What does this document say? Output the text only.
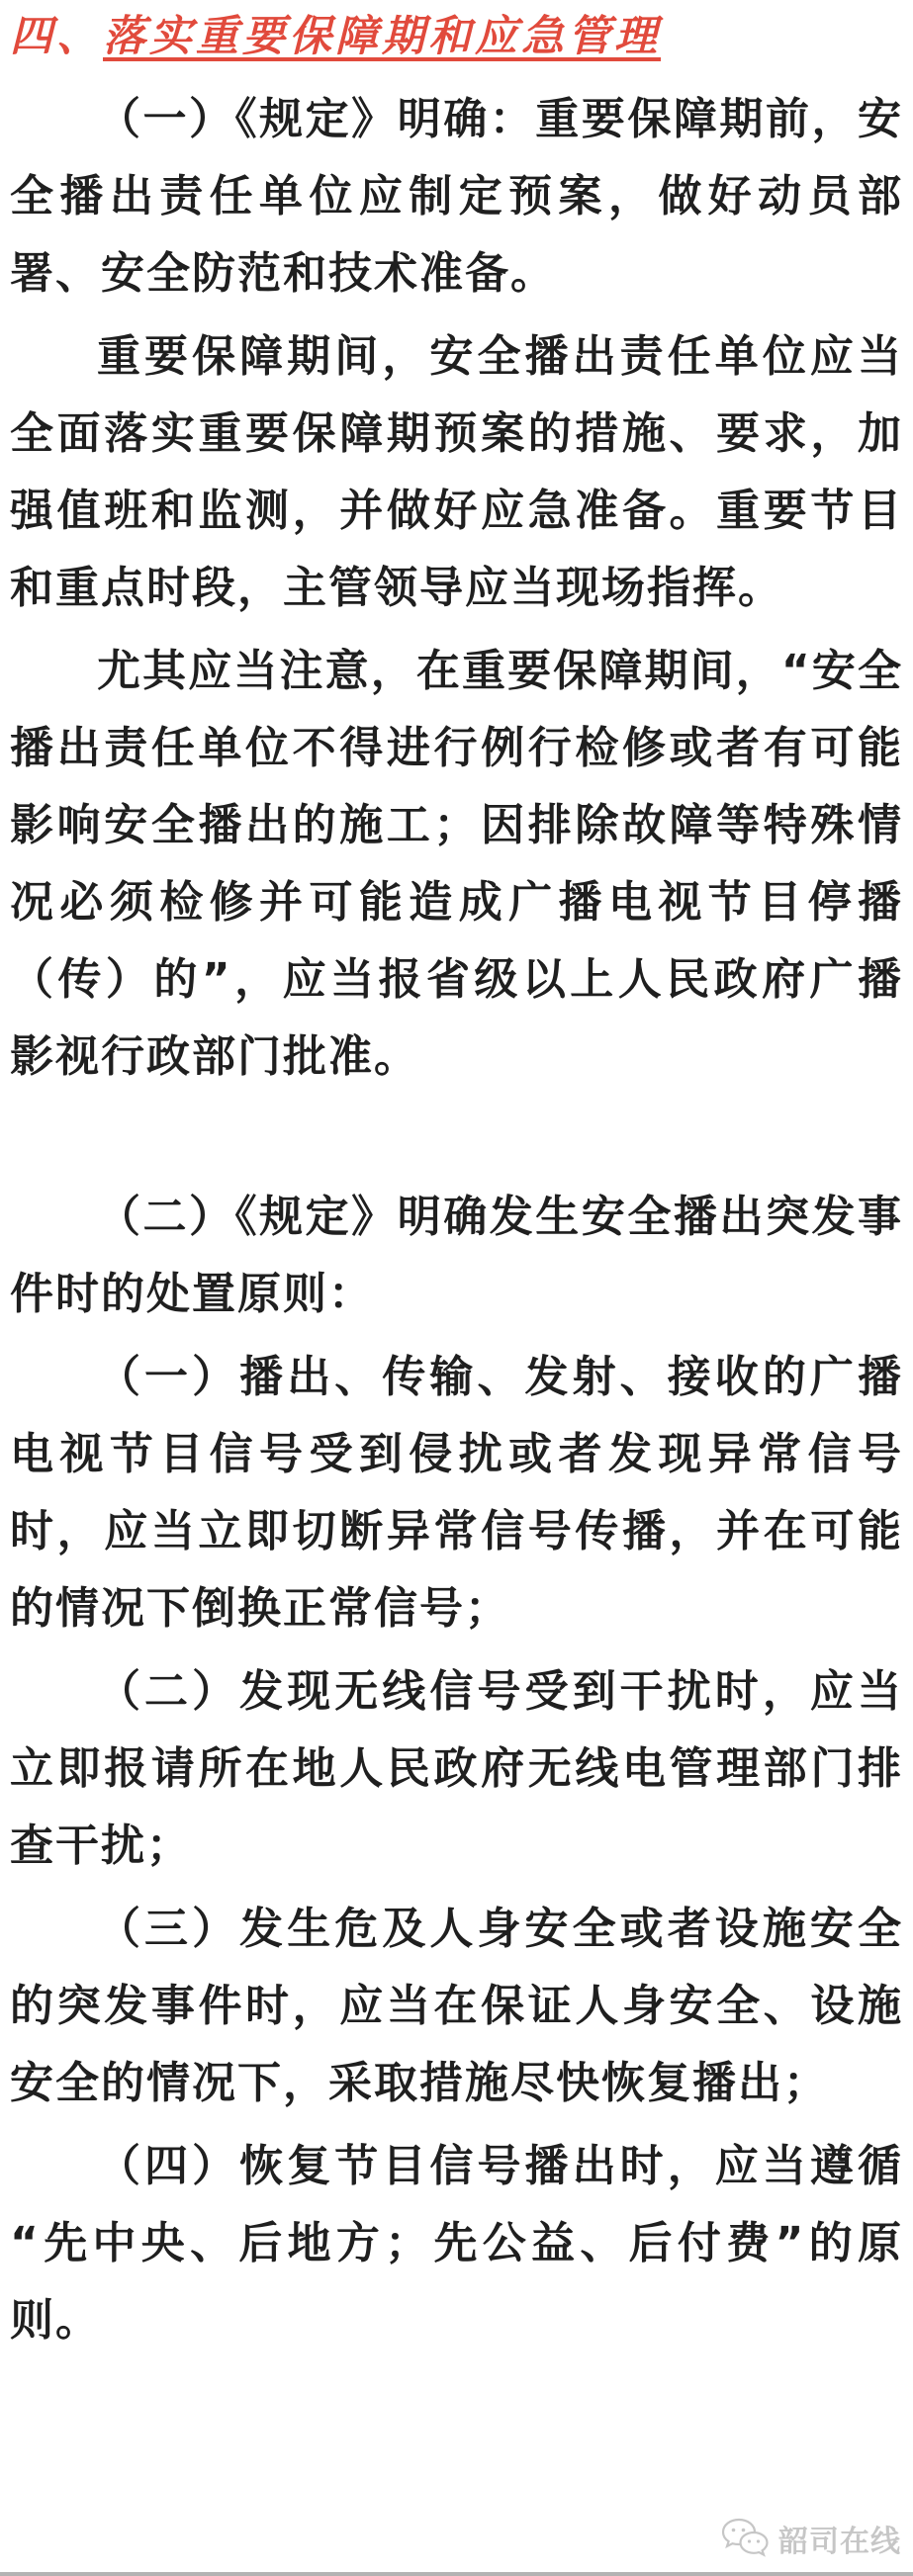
四、落实重要保障期和应急管理

（一）《规定》明确：重要保障期前，安全播出责任单位应制定预案，做好动员部署、安全防范和技术准备。

重要保障期间，安全播出责任单位应当全面落实重要保障期预案的措施、要求，加强值班和监测，并做好应急准备。重要节目和重点时段，主管领导应当现场指挥。

尤其应当注意，在重要保障期间，“安全播出责任单位不得进行例行检修或者有可能影响安全播出的施工；因排除故障等特殊情况必须检修并可能造成广播电视节目停播（传）的”，应当报省级以上人民政府广播影视行政部门批准。

（二）《规定》明确发生安全播出突发事件时的处置原则：

（一）播出、传输、发射、接收的广播电视节目信号受到侵扰或者发现异常信号时，应当立即切断异常信号传播，并在可能的情况下倒换正常信号；

（二）发现无线信号受到干扰时，应当立即报请所在地人民政府无线电管理部门排查干扰；

（三）发生危及人身安全或者设施安全的突发事件时，应当在保证人身安全、设施安全的情况下，采取措施尽快恢复播出；

（四）恢复节目信号播出时，应当遵循“先中央、后地方；先公益、后付费”的原则。

韶司在线
